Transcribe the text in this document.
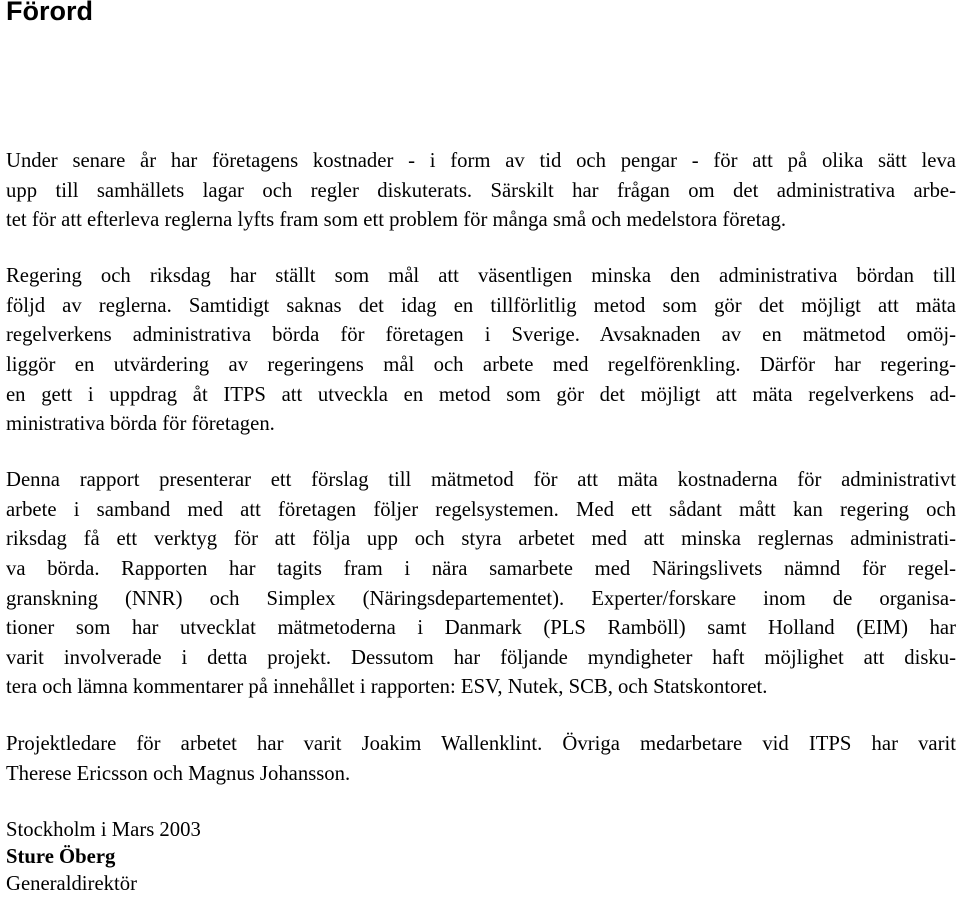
Förord

Under senare år har företagens kostnader - i form av tid och pengar - för att på olika sätt leva
upp till samhällets lagar och regler diskuterats. Särskilt har frågan om det administrativa arbe-
tet för att efterleva reglerna lyfts fram som ett problem för många små och medelstora företag.

Regering och riksdag har ställt som mål att väsentligen minska den administrativa bördan till
följd av reglerna. Samtidigt saknas det idag en tillförlitlig metod som gör det möjligt att mäta
regelverkens administrativa börda för företagen i Sverige. Avsaknaden av en mätmetod omöj-
liggör en utvärdering av regeringens mål och arbete med regelförenkling. Därför har regering-
en gett i uppdrag åt ITPS att utveckla en metod som gör det möjligt att mäta regelverkens ad-
ministrativa börda för företagen.

Denna rapport presenterar ett förslag till mätmetod för att mäta kostnaderna för administrativt
arbete i samband med att företagen följer regelsystemen. Med ett sådant mått kan regering och
riksdag få ett verktyg för att följa upp och styra arbetet med att minska reglernas administrati-
va börda. Rapporten har tagits fram i nära samarbete med Näringslivets nämnd för regel-
granskning (NNR) och Simplex (Näringsdepartementet). Experter/forskare inom de organisa-
tioner som har utvecklat mätmetoderna i Danmark (PLS Ramböll) samt Holland (EIM) har
varit involverade i detta projekt. Dessutom har följande myndigheter haft möjlighet att disku-
tera och lämna kommentarer på innehållet i rapporten: ESV, Nutek, SCB, och Statskontoret.

Projektledare för arbetet har varit Joakim Wallenklint. Övriga medarbetare vid ITPS har varit
Therese Ericsson och Magnus Johansson.

Stockholm i Mars 2003

Sture Öberg
Generaldirektör
